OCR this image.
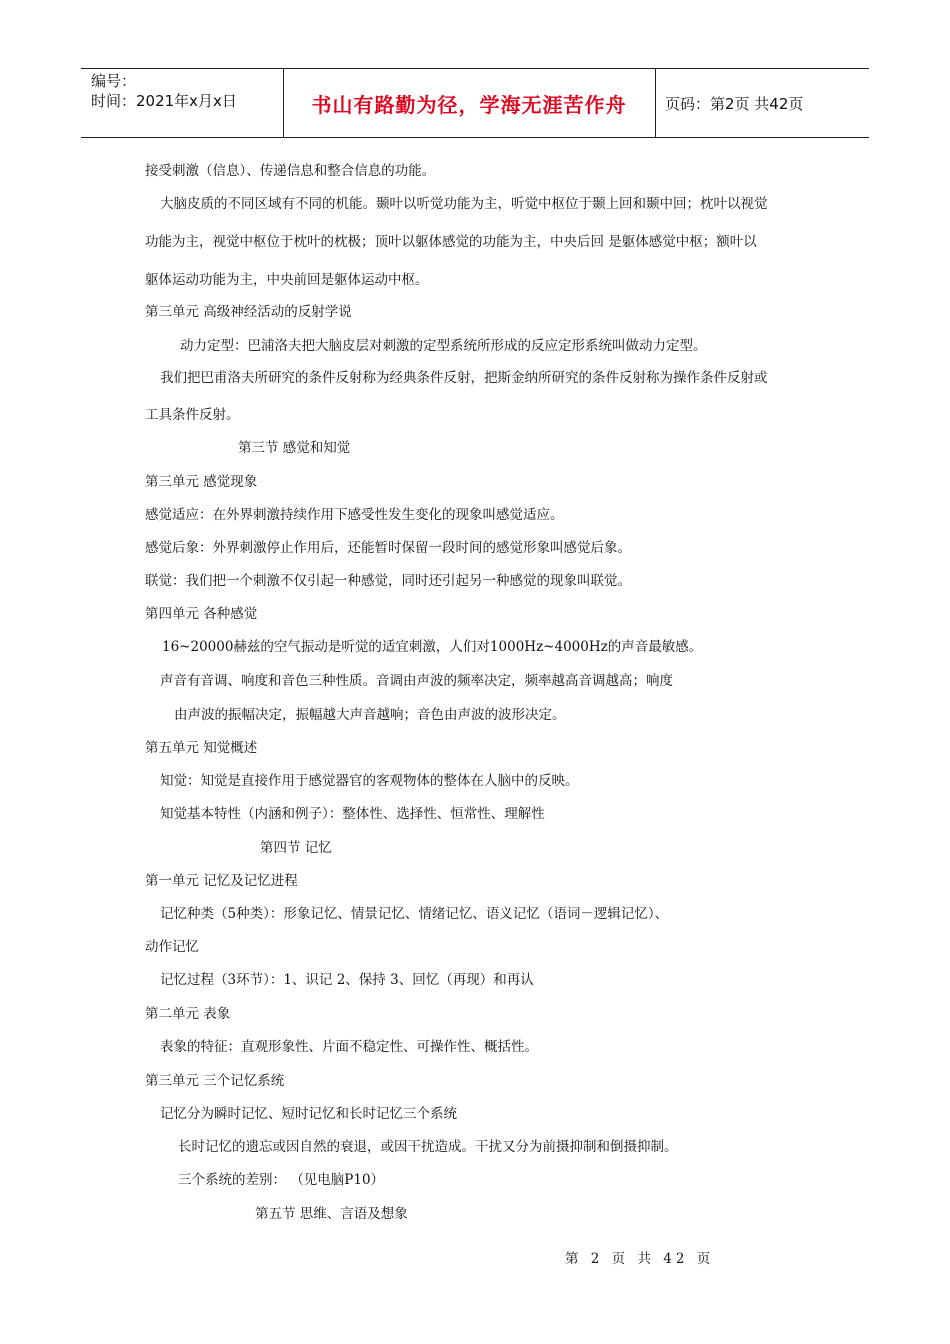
编号：
时间：2021年x月x日	书山有路勤为径，学海无涯苦作舟	页码：第2页 共42页
接受刺激（信息）、传递信息和整合信息的功能。
大脑皮质的不同区域有不同的机能。颞叶以听觉功能为主，听觉中枢位于颞上回和颞中回；枕叶以视觉
功能为主，视觉中枢位于枕叶的枕极；顶叶以躯体感觉的功能为主，中央后回 是躯体感觉中枢；额叶以
躯体运动功能为主，中央前回是躯体运动中枢。
第三单元 高级神经活动的反射学说
动力定型：巴浦洛夫把大脑皮层对刺激的定型系统所形成的反应定形系统叫做动力定型。
我们把巴甫洛夫所研究的条件反射称为经典条件反射，把斯金纳所研究的条件反射称为操作条件反射或
工具条件反射。
第三节 感觉和知觉
第三单元 感觉现象
感觉适应：在外界刺激持续作用下感受性发生变化的现象叫感觉适应。
感觉后象：外界刺激停止作用后，还能暂时保留一段时间的感觉形象叫感觉后象。
联觉：我们把一个刺激不仅引起一种感觉，同时还引起另一种感觉的现象叫联觉。
第四单元 各种感觉
16~20000赫兹的空气振动是听觉的适宜刺激，人们对1000Hz~4000Hz的声音最敏感。
声音有音调、响度和音色三种性质。音调由声波的频率决定，频率越高音调越高；响度
由声波的振幅决定，振幅越大声音越响；音色由声波的波形决定。
第五单元 知觉概述
知觉：知觉是直接作用于感觉器官的客观物体的整体在人脑中的反映。
知觉基本特性（内涵和例子）：整体性、选择性、恒常性、理解性
第四节 记忆
第一单元 记忆及记忆进程
记忆种类（5种类）：形象记忆、情景记忆、情绪记忆、语义记忆（语词－逻辑记忆）、
动作记忆
记忆过程（3环节）：1、识记 2、保持 3、回忆（再现）和再认
第二单元 表象
表象的特征：直观形象性、片面不稳定性、可操作性、概括性。
第三单元 三个记忆系统
记忆分为瞬时记忆、短时记忆和长时记忆三个系统
长时记忆的遗忘或因自然的衰退，或因干扰造成。干扰又分为前摄抑制和倒摄抑制。
三个系统的差别： （见电脑P10）
第五节 思维、言语及想象
第 2 页 共 42 页
